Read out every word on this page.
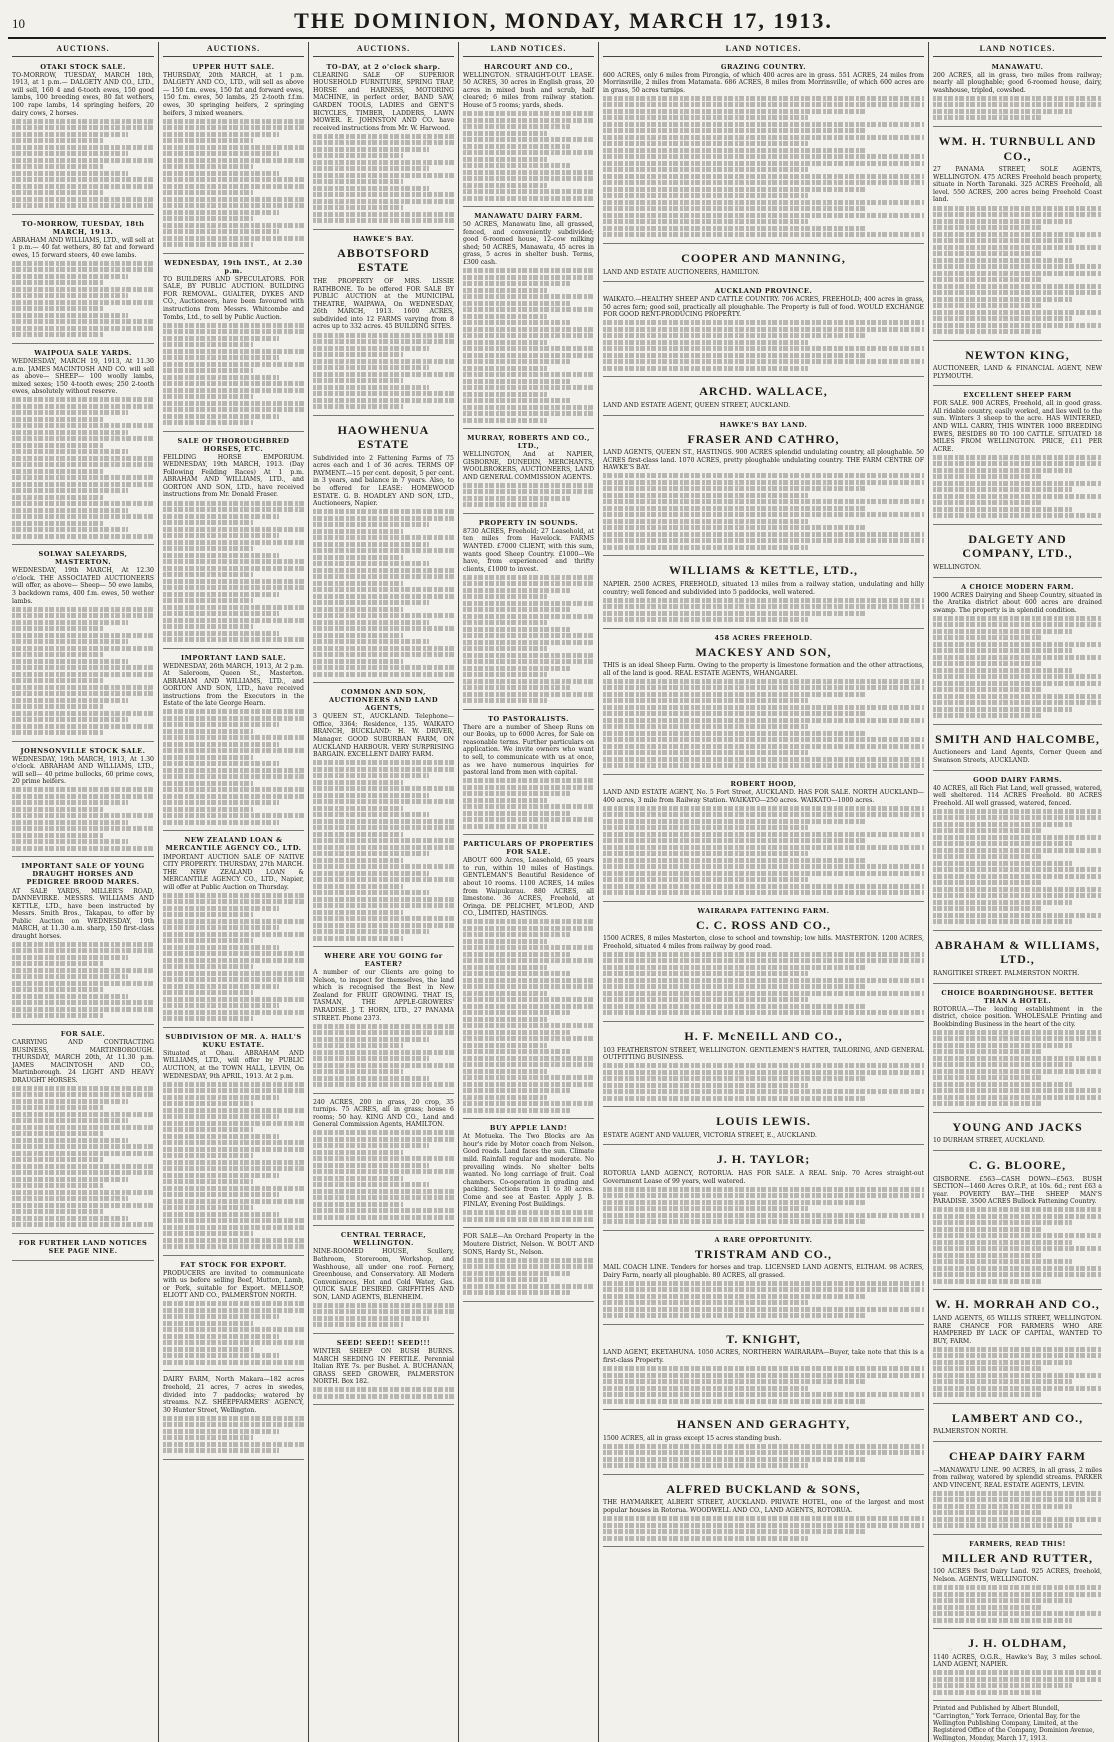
10	THE DOMINION, MONDAY, MARCH 17, 1913.
AUCTIONS.
OTAKI STOCK SALE.

TO-MORROW, TUESDAY, MARCH 18th, 1913, at 1 p.m.— DALGETY AND CO., LTD., will sell, 160 4 and 6-tooth ewes, 150 good lambs, 100 breeding ewes, 80 fat wethers, 100 rape lambs, 14 springing heifers, 20 dairy cows, 2 horses.

TO-MORROW, TUESDAY, 18th MARCH, 1913.

ABRAHAM AND WILLIAMS, LTD., will sell at 1 p.m.— 40 fat wethers, 80 fat and forward ewes, 15 forward steers, 40 ewe lambs.

WAIPOUA SALE YARDS.

WEDNESDAY, MARCH 19, 1913, At 11.30 a.m. JAMES MACINTOSH AND CO. will sell as above— SHEEP— 100 woolly lambs, mixed sexes; 150 4-tooth ewes; 250 2-tooth ewes, absolutely without reserve.

SOLWAY SALEYARDS, MASTERTON.

WEDNESDAY, 19th MARCH, At 12.30 o'clock. THE ASSOCIATED AUCTIONEERS will offer, as above— Sheep— 50 ewe lambs, 3 backdown rams, 400 f.m. ewes, 50 wether lambs.

JOHNSONVILLE STOCK SALE.

WEDNESDAY, 19th MARCH, 1913, At 1.30 o'clock. ABRAHAM AND WILLIAMS, LTD., will sell— 40 prime bullocks, 60 prime cows, 20 prime heifers.

IMPORTANT SALE OF YOUNG DRAUGHT HORSES AND PEDIGREE BROOD MARES.

AT SALE YARDS, MILLER'S ROAD, DANNEVIRKE. MESSRS. WILLIAMS AND KETTLE, LTD., have been instructed by Messrs. Smith Bros., Takapau, to offer by Public Auction on WEDNESDAY, 19th MARCH, at 11.30 a.m. sharp, 150 first-class draught horses.

FOR SALE.

CARRYING AND CONTRACTING BUSINESS, MARTINBOROUGH. THURSDAY, MARCH 20th, At 11.30 p.m. JAMES MACINTOSH AND CO., Martinborough. 24 LIGHT AND HEAVY DRAUGHT HORSES.

FOR FURTHER LAND NOTICES SEE PAGE NINE.
AUCTIONS.
UPPER HUTT SALE.

THURSDAY, 20th MARCH, at 1 p.m. DALGETY AND CO., LTD., will sell as above— 150 f.m. ewes, 150 fat and forward ewes, 150 f.m. ewes, 50 lambs, 25 2-tooth f.f.m. ewes, 30 springing heifers, 2 springing heifers, 3 mixed weaners.

WEDNESDAY, 19th INST., At 2.30 p.m.

TO BUILDERS AND SPECULATORS. FOR SALE, BY PUBLIC AUCTION. BUILDING FOR REMOVAL. GUALTER, DYKES AND CO., Auctioneers, have been favoured with instructions from Messrs. Whitcombe and Tombs, Ltd., to sell by Public Auction.

SALE OF THOROUGHBRED HORSES, ETC.

FEILDING HORSE EMPORIUM. WEDNESDAY, 19th MARCH, 1913. (Day Following Feilding Races) At 1 p.m. ABRAHAM AND WILLIAMS, LTD., and GORTON AND SON, LTD., have received instructions from Mr. Donald Fraser.

IMPORTANT LAND SALE.

WEDNESDAY, 26th MARCH, 1913, At 2 p.m. At Saleroom, Queen St., Masterton. ABRAHAM AND WILLIAMS, LTD., and GORTON AND SON, LTD., have received instructions from the Executors in the Estate of the late George Hearn.

NEW ZEALAND LOAN & MERCANTILE AGENCY CO., LTD.

IMPORTANT AUCTION SALE OF NATIVE CITY PROPERTY. THURSDAY, 27th MARCH. THE NEW ZEALAND LOAN & MERCANTILE AGENCY CO., LTD., Napier, will offer at Public Auction on Thursday.

SUBDIVISION OF MR. A. HALL'S KUKU ESTATE.

Situated at Ohau. ABRAHAM AND WILLIAMS, LTD., will offer by PUBLIC AUCTION, at the TOWN HALL, LEVIN, On WEDNESDAY, 9th APRIL, 1913. At 2 p.m.

FAT STOCK FOR EXPORT.

PRODUCERS are invited to communicate with us before selling Beef, Mutton, Lamb, or Pork, suitable for Export. MELLSOP, ELIOTT AND CO., PALMERSTON NORTH.

DAIRY FARM, North Makara—182 acres freehold, 21 acres, 7 acres in swedes, divided into 7 paddocks; watered by streams. N.Z. SHEEPFARMERS' AGENCY, 30 Hunter Street, Wellington.

AUCTIONS.
TO-DAY, at 2 o'clock sharp.

CLEARING SALE OF SUPERIOR HOUSEHOLD FURNITURE, SPRING TRAP, HORSE and HARNESS, MOTORING MACHINE, in perfect order, BAND SAW, GARDEN TOOLS, LADIES and GENT'S BICYCLES, TIMBER, LADDERS, LAWN MOWER. E. JOHNSTON AND CO. have received instructions from Mr. W. Harwood.

HAWKE'S BAY.
ABBOTSFORD ESTATE

THE PROPERTY OF MRS. LISSIE RATHBONE. To be offered FOR SALE BY PUBLIC AUCTION at the MUNICIPAL THEATRE, WAIPAWA, On WEDNESDAY, 26th MARCH, 1913. 1600 ACRES, subdivided into 12 FARMS varying from 8 acres up to 332 acres. 45 BUILDING SITES.

HAOWHENUA ESTATE

Subdivided into 2 Fattening Farms of 75 acres each and 1 of 36 acres. TERMS OF PAYMENT.—15 per cent. deposit, 5 per cent. in 3 years, and balance in 7 years. Also, to be offered for LEASE: HOMEWOOD ESTATE. G. B. HOADLEY AND SON, LTD., Auctioneers, Napier.

COMMON AND SON, AUCTIONEERS AND LAND AGENTS,

3 QUEEN ST., AUCKLAND. Telephone—Office, 3364; Residence, 135. WAIKATO BRANCH, BUCKLAND: H. W. DRIVER, Manager. GOOD SUBURBAN FARM, ON AUCKLAND HARBOUR. VERY SURPRISING BARGAIN. EXCELLENT DAIRY FARM.

WHERE ARE YOU GOING for EASTER?

A number of our Clients are going to Nelson, to inspect for themselves, the land which is recognised the Best in New Zealand for FRUIT GROWING. THAT IS, TASMAN, THE APPLE-GROWERS' PARADISE. J. T. HORN, LTD., 27 PANAMA STREET. Phone 2373.

240 ACRES, 200 in grass, 20 crop, 35 turnips. 75 ACRES, all in grass; house 6 rooms; 50 hay. KING AND CO., Land and General Commission Agents, HAMILTON.

CENTRAL TERRACE, WELLINGTON.

NINE-ROOMED HOUSE, Scullery, Bathroom, Storeroom, Workshop, and Washhouse, all under one roof. Fernery, Greenhouse, and Conservatory. All Modern Conveniences, Hot and Cold Water, Gas. QUICK SALE DESIRED. GRIFFITHS AND SON, LAND AGENTS, BLENHEIM.

SEED! SEED!! SEED!!!

WINTER SHEEP ON BUSH BURNS. MARCH SEEDING IN FERTILE. Perennial Italian RYE 7s. per Bushel. A. BUCHANAN, GRASS SEED GROWER, PALMERSTON NORTH. Box 182.

LAND NOTICES.
HARCOURT AND CO.,

WELLINGTON. STRAIGHT-OUT LEASE. 50 ACRES, 30 acres in English grass, 20 acres in mixed bush and scrub, half cleared; 6 miles from railway station. House of 5 rooms; yards, sheds.

MANAWATU DAIRY FARM.

50 ACRES, Manawatu line, all grassed, fenced, and conveniently subdivided; good 6-roomed house, 12-cow milking shed; 50 ACRES, Manawatu, 45 acres in grass, 5 acres in shelter bush. Terms, £300 cash.

MURRAY, ROBERTS AND CO., LTD.,

WELLINGTON, And at NAPIER, GISBORNE, DUNEDIN, MERCHANTS, WOOLBROKERS, AUCTIONEERS, LAND AND GENERAL COMMISSION AGENTS.

PROPERTY IN SOUNDS.

8730 ACRES, Freehold; 27 Leasehold, at ten miles from Havelock. FARMS WANTED. £7000 CLIENT, with this sum, wants good Sheep Country. £1000—We have, from experienced and thrifty clients, £1000 to invest.

TO PASTORALISTS.

There are a number of Sheep Runs on our Books, up to 6000 Acres, for Sale on reasonable terms. Further particulars on application. We invite owners who want to sell, to communicate with us at once, as we have numerous inquiries for pastoral land from men with capital.

PARTICULARS OF PROPERTIES FOR SALE.

ABOUT 600 Acres, Leasehold, 65 years to run, within 10 miles of Hastings. GENTLEMAN'S Beautiful Residence of about 10 rooms. 1100 ACRES, 14 miles from Waipukurau. 880 ACRES, all limestone. 36 ACRES, Freehold, at Oringa. DE PELICHET, M'LEOD, AND CO., LIMITED, HASTINGS.

BUY APPLE LAND!

At Motueka. The Two Blocks are An hour's ride by Motor coach from Nelson. Good roads. Land faces the sun. Climate mild. Rainfall regular and moderate. No prevailing winds. No shelter belts wanted. No long carriage of fruit. Coal chambers. Co-operation in grading and packing. Sections from 11 to 30 acres. Come and see at Easter. Apply J. B. FINLAY, Evening Post Buildings.

FOR SALE—An Orchard Property in the Moutere District, Nelson. W. BOUT AND SONS, Hardy St., Nelson.

LAND NOTICES.
GRAZING COUNTRY.

600 ACRES, only 6 miles from Pirongia, of which 400 acres are in grass. 551 ACRES, 24 miles from Morrinsville, 2 miles from Matamata. 686 ACRES, 8 miles from Morrinsville, of which 600 acres are in grass, 50 acres turnips.

COOPER AND MANNING,

LAND AND ESTATE AUCTIONEERS, HAMILTON.

AUCKLAND PROVINCE.

WAIKATO.—HEALTHY SHEEP AND CATTLE COUNTRY. 706 ACRES, FREEHOLD; 400 acres in grass, 50 acres fern; good soil, practically all ploughable. The Property is full of food. WOULD EXCHANGE FOR GOOD RENT-PRODUCING PROPERTY.

ARCHD. WALLACE,

LAND AND ESTATE AGENT, QUEEN STREET, AUCKLAND.

HAWKE'S BAY LAND.
FRASER AND CATHRO,

LAND AGENTS, QUEEN ST., HASTINGS. 900 ACRES splendid undulating country, all ploughable. 50 ACRES first-class land. 1070 ACRES, pretty ploughable undulating country. THE FARM CENTRE OF HAWKE'S BAY.

WILLIAMS & KETTLE, LTD.,

NAPIER. 2500 ACRES, FREEHOLD, situated 13 miles from a railway station, undulating and hilly country; well fenced and subdivided into 5 paddocks, well watered.

458 ACRES FREEHOLD.
MACKESY AND SON,

THIS is an ideal Sheep Farm. Owing to the property is limestone formation and the other attractions, all of the land is good. REAL ESTATE AGENTS, WHANGAREI.

ROBERT HOOD,

LAND AND ESTATE AGENT, No. 5 Fort Street, AUCKLAND. HAS FOR SALE. NORTH AUCKLAND—400 acres, 3 mile from Railway Station. WAIKATO—250 acres. WAIKATO—1000 acres.

WAIRARAPA FATTENING FARM.
C. C. ROSS AND CO.,

1500 ACRES, 8 miles Masterton, close to school and township; low hills. MASTERTON. 1200 ACRES, Freehold, situated 4 miles from railway by good road.

H. F. McNEILL AND CO.,

103 FEATHERSTON STREET, WELLINGTON. GENTLEMEN'S HATTER, TAILORING, AND GENERAL OUTFITTING BUSINESS.

LOUIS LEWIS.

ESTATE AGENT AND VALUER, VICTORIA STREET, E., AUCKLAND.

J. H. TAYLOR;

ROTORUA LAND AGENCY, ROTORUA. HAS FOR SALE. A REAL Snip. 70 Acres straight-out Government Lease of 99 years, well watered.

A RARE OPPORTUNITY.
TRISTRAM AND CO.,

MAIL COACH LINE. Tenders for horses and trap. LICENSED LAND AGENTS, ELTHAM. 98 ACRES, Dairy Farm, nearly all ploughable. 80 ACRES, all grassed.

T. KNIGHT,

LAND AGENT, EKETAHUNA. 1050 ACRES, NORTHERN WAIRARAPA—Buyer, take note that this is a first-class Property.

HANSEN AND GERAGHTY,

1500 ACRES, all in grass except 15 acres standing bush.

ALFRED BUCKLAND & SONS,

THE HAYMARKET, ALBERT STREET, AUCKLAND. PRIVATE HOTEL, one of the largest and most popular houses in Rotorua. WOODWELL AND CO., LAND AGENTS, ROTORUA.

LAND NOTICES.
MANAWATU.

200 ACRES, all in grass, two miles from railway; nearly all ploughable; good 6-roomed house, dairy, washhouse, tripled, cowshed.

WM. H. TURNBULL AND CO.,

27 PANAMA STREET, SOLE AGENTS, WELLINGTON. 475 ACRES Freehold beach property, situate in North Taranaki. 325 ACRES Freehold, all level. 550 ACRES, 200 acres being Freehold Coast land.

NEWTON KING,

AUCTIONEER, LAND & FINANCIAL AGENT, NEW PLYMOUTH.

EXCELLENT SHEEP FARM

FOR SALE. 900 ACRES, Freehold, all in good grass. All ridable country, easily worked, and lies well to the sun. Winters 3 sheep to the acre. HAS WINTERED, AND WILL CARRY, THIS WINTER 1000 BREEDING EWES, BESIDES 80 TO 100 CATTLE. SITUATED 18 MILES FROM WELLINGTON. PRICE, £11 PER ACRE.

DALGETY AND COMPANY, LTD.,

WELLINGTON.

A CHOICE MODERN FARM.

1900 ACRES Dairying and Sheep Country, situated in the Aratika district about 600 acres are drained swamp. The property is in splendid condition.

SMITH AND HALCOMBE,

Auctioneers and Land Agents, Corner Queen and Swanson Streets, AUCKLAND.

GOOD DAIRY FARMS.

40 ACRES, all Rich Flat Land, well grassed, watered, well sheltered. 114 ACRES Freehold. 80 ACRES Freehold. All well grassed, watered, fenced.

ABRAHAM & WILLIAMS, LTD.,

RANGITIKEI STREET. PALMERSTON NORTH.

CHOICE BOARDINGHOUSE. BETTER THAN A HOTEL.

ROTORUA.—The leading establishment in the district, choice position. WHOLESALE Printing and Bookbinding Business in the heart of the city.

YOUNG AND JACKS

10 DURHAM STREET, AUCKLAND.

C. G. BLOORE,

GISBORNE. £563—CASH DOWN—£563. BUSH SECTION—1460 Acres O.R.P., at 10s. 6d.; rent £63 a year. POVERTY BAY—THE SHEEP MAN'S PARADISE. 3500 ACRES Bullock Fattening Country.

W. H. MORRAH AND CO.,

LAND AGENTS, 65 WILLIS STREET, WELLINGTON. RARE CHANCE FOR FARMERS WHO ARE HAMPERED BY LACK OF CAPITAL, WANTED TO BUY, FARM.

LAMBERT AND CO.,

PALMERSTON NORTH.

CHEAP DAIRY FARM

—MANAWATU LINE. 90 ACRES, in all grass, 2 miles from railway, watered by splendid streams. PARKER AND VINCENT, REAL ESTATE AGENTS, LEVIN.

FARMERS, READ THIS!
MILLER AND RUTTER,

100 ACRES Best Dairy Land. 925 ACRES, freehold, Nelson. AGENTS, WELLINGTON.

J. H. OLDHAM,

1140 ACRES, O.G.R., Hawke's Bay, 3 miles school. LAND AGENT, NAPIER.

Printed and Published by Albert Blundell, "Carrington," York Terrace, Oriental Bay, for the Wellington Publishing Company, Limited, at the Registered Office of the Company, Dominion Avenue, Wellington, Monday, March 17, 1913.
